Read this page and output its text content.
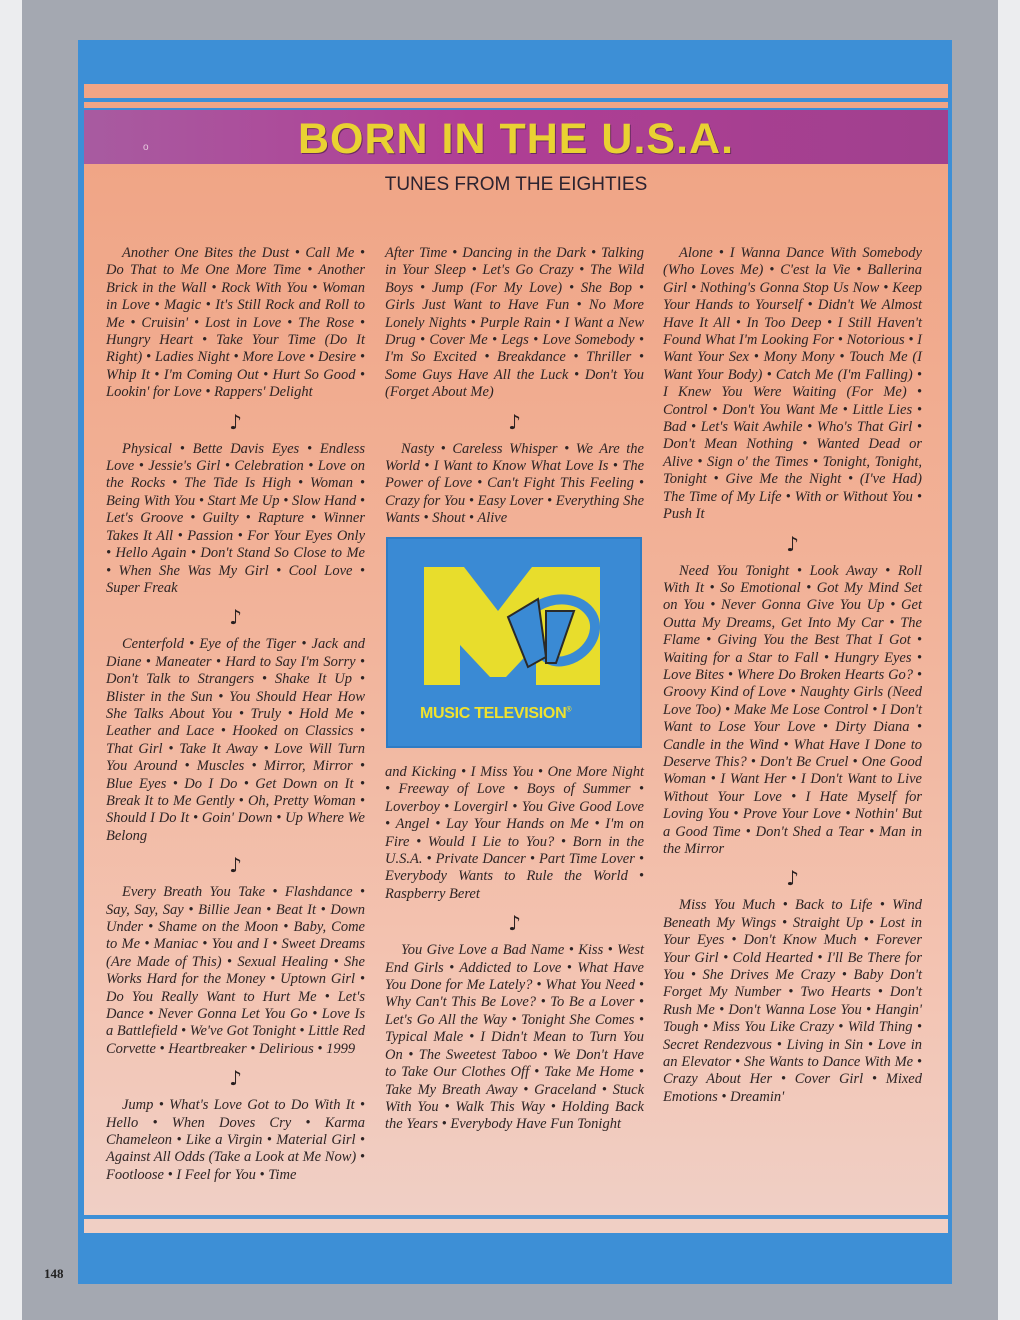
o	BORN IN THE U.S.A.
TUNES FROM THE EIGHTIES

Another One Bites the Dust • Call Me • Do That to Me One More Time • Another Brick in the Wall • Rock With You • Woman in Love • Magic • It's Still Rock and Roll to Me • Cruisin' • Lost in Love • The Rose • Hungry Heart • Take Your Time (Do It Right) • Ladies Night • More Love • Desire • Whip It • I'm Coming Out • Hurt So Good • Lookin' for Love • Rappers' Delight

♪

Physical • Bette Davis Eyes • Endless Love • Jessie's Girl • Celebration • Love on the Rocks • The Tide Is High • Woman • Being With You • Start Me Up • Slow Hand • Let's Groove • Guilty • Rapture • Winner Takes It All • Passion • For Your Eyes Only • Hello Again • Don't Stand So Close to Me • When She Was My Girl • Cool Love • Super Freak

♪

Centerfold • Eye of the Tiger • Jack and Diane • Maneater • Hard to Say I'm Sorry • Don't Talk to Strangers • Shake It Up • Blister in the Sun • You Should Hear How She Talks About You • Truly • Hold Me • Leather and Lace • Hooked on Classics • That Girl • Take It Away • Love Will Turn You Around • Muscles • Mirror, Mirror • Blue Eyes • Do I Do • Get Down on It • Break It to Me Gently • Oh, Pretty Woman • Should I Do It • Goin' Down • Up Where We Belong

♪

Every Breath You Take • Flashdance • Say, Say, Say • Billie Jean • Beat It • Down Under • Shame on the Moon • Baby, Come to Me • Maniac • You and I • Sweet Dreams (Are Made of This) • Sexual Healing • She Works Hard for the Money • Uptown Girl • Do You Really Want to Hurt Me • Let's Dance • Never Gonna Let You Go • Love Is a Battlefield • We've Got Tonight • Little Red Corvette • Heartbreaker • Delirious • 1999

♪

Jump • What's Love Got to Do With It • Hello • When Doves Cry • Karma Chameleon • Like a Virgin • Material Girl • Against All Odds (Take a Look at Me Now) • Footloose • I Feel for You • Time

After Time • Dancing in the Dark • Talking in Your Sleep • Let's Go Crazy • The Wild Boys • Jump (For My Love) • She Bop • Girls Just Want to Have Fun • No More Lonely Nights • Purple Rain • I Want a New Drug • Cover Me • Legs • Love Somebody • I'm So Excited • Breakdance • Thriller • Some Guys Have All the Luck • Don't You (Forget About Me)

♪

Nasty • Careless Whisper • We Are the World • I Want to Know What Love Is • The Power of Love • Can't Fight This Feeling • Crazy for You • Easy Lover • Everything She Wants • Shout • Alive

MUSIC TELEVISION®

and Kicking • I Miss You • One More Night • Freeway of Love • Boys of Summer • Loverboy • Lovergirl • You Give Good Love • Angel • Lay Your Hands on Me • I'm on Fire • Would I Lie to You? • Born in the U.S.A. • Private Dancer • Part Time Lover • Everybody Wants to Rule the World • Raspberry Beret

♪

You Give Love a Bad Name • Kiss • West End Girls • Addicted to Love • What Have You Done for Me Lately? • What You Need • Why Can't This Be Love? • To Be a Lover • Let's Go All the Way • Tonight She Comes • Typical Male • I Didn't Mean to Turn You On • The Sweetest Taboo • We Don't Have to Take Our Clothes Off • Take Me Home • Take My Breath Away • Graceland • Stuck With You • Walk This Way • Holding Back the Years • Everybody Have Fun Tonight

Alone • I Wanna Dance With Somebody (Who Loves Me) • C'est la Vie • Ballerina Girl • Nothing's Gonna Stop Us Now • Keep Your Hands to Yourself • Didn't We Almost Have It All • In Too Deep • I Still Haven't Found What I'm Looking For • Notorious • I Want Your Sex • Mony Mony • Touch Me (I Want Your Body) • Catch Me (I'm Falling) • I Knew You Were Waiting (For Me) • Control • Don't You Want Me • Little Lies • Bad • Let's Wait Awhile • Who's That Girl • Don't Mean Nothing • Wanted Dead or Alive • Sign o' the Times • Tonight, Tonight, Tonight • Give Me the Night • (I've Had) The Time of My Life • With or Without You • Push It

♪

Need You Tonight • Look Away • Roll With It • So Emotional • Got My Mind Set on You • Never Gonna Give You Up • Get Outta My Dreams, Get Into My Car • The Flame • Giving You the Best That I Got • Waiting for a Star to Fall • Hungry Eyes • Love Bites • Where Do Broken Hearts Go? • Groovy Kind of Love • Naughty Girls (Need Love Too) • Make Me Lose Control • I Don't Want to Lose Your Love • Dirty Diana • Candle in the Wind • What Have I Done to Deserve This? • Don't Be Cruel • One Good Woman • I Want Her • I Don't Want to Live Without Your Love • I Hate Myself for Loving You • Prove Your Love • Nothin' But a Good Time • Don't Shed a Tear • Man in the Mirror

♪

Miss You Much • Back to Life • Wind Beneath My Wings • Straight Up • Lost in Your Eyes • Don't Know Much • Forever Your Girl • Cold Hearted • I'll Be There for You • She Drives Me Crazy • Baby Don't Forget My Number • Two Hearts • Don't Rush Me • Don't Wanna Lose You • Hangin' Tough • Miss You Like Crazy • Wild Thing • Secret Rendezvous • Living in Sin • Love in an Elevator • She Wants to Dance With Me • Crazy About Her • Cover Girl • Mixed Emotions • Dreamin'

148
